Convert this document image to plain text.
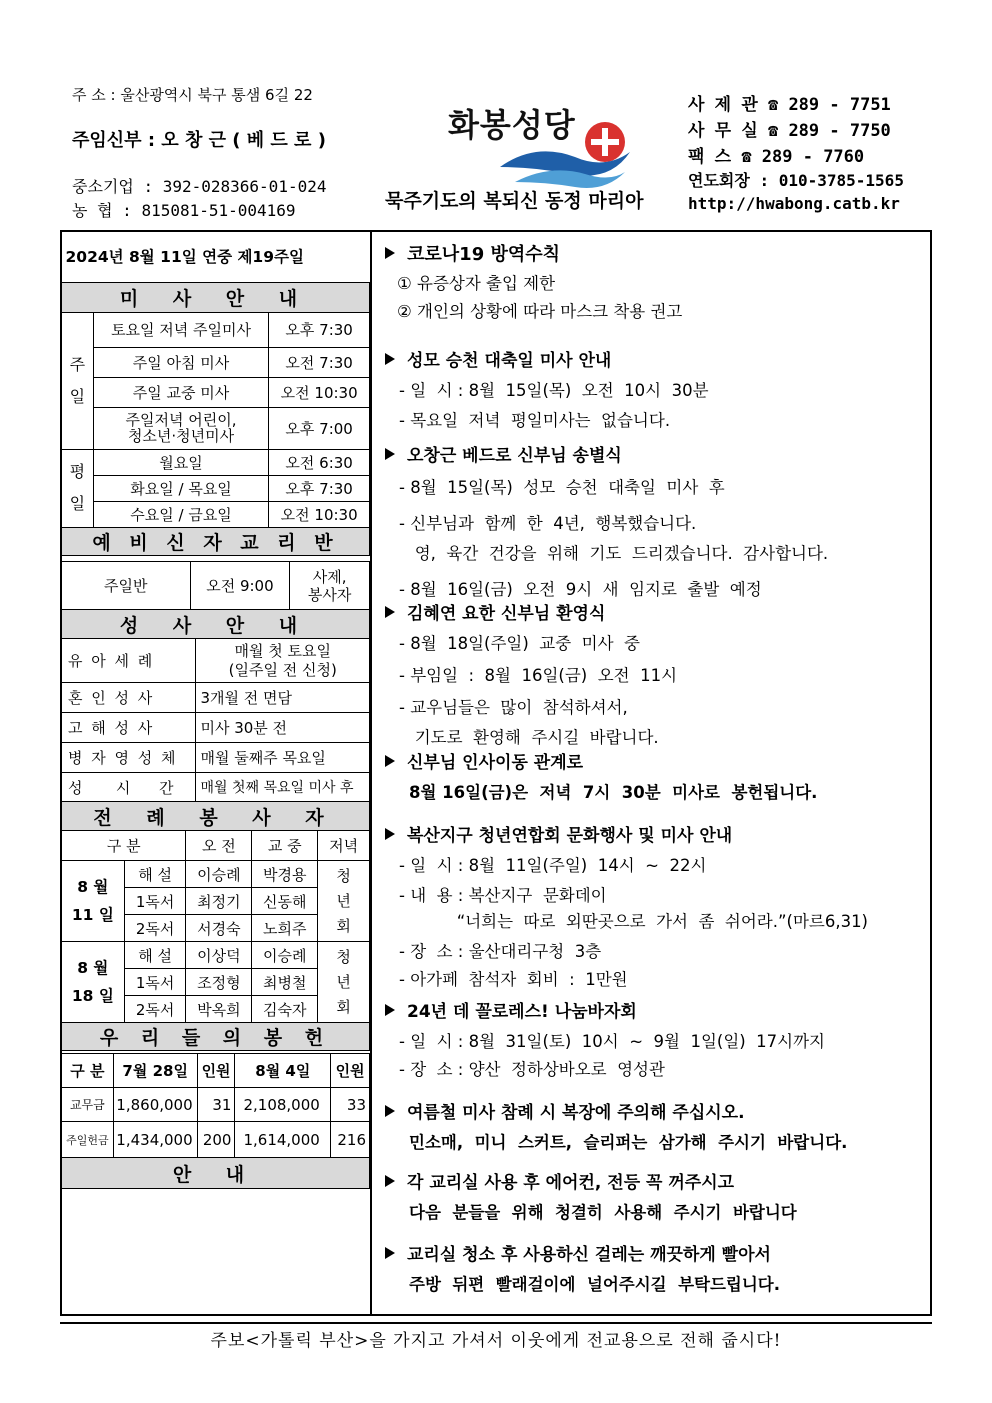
주 소 : 울산광역시 북구 통샘 6길 22
주임신부 : 오 창 근 ( 베 드 로 )
중소기업 : 392-028366-01-024
농 협 : 815081-51-004169
화봉성당
묵주기도의 복되신 동정 마리아
사 제 관 ☎ 289 - 7751
사 무 실 ☎ 289 - 7750
팩 스 ☎ 289 - 7760
연도회장 : 010-3785-1565
http://hwabong.catb.kr
2024년 8월 11일 연중 제19주일		
미 사 안 내		
주
일	토요일 저녁 주일미사	오후 7:30
	주일 아침 미사	오전 7:30
	주일 교중 미사	오전 10:30
	주일저녁 어린이,
청소년‧청년미사	오후 7:00
평
일	월요일	오전 6:30
	화요일 / 목요일	오후 7:30
	수요일 / 금요일	오전 10:30
예 비 신 자 교 리 반		
주일반	오전 9:00	사제,
봉사자
성 사 안 내
유 아 세 례	매월 첫 토요일
(일주일 전 신청)
혼 인 성 사	3개월 전 면담
고 해 성 사	미사 30분 전
병 자 영 성 체	매월 둘째주 목요일
성       시      간	매월 첫째 목요일 미사 후
전 례 봉 사 자	
구 분		오 전	교 중	저녁
8 월
11 일	해 설	이승례	박경용	청
년
회
	1독서	최정기	신동해	
	2독서	서경숙	노희주	
8 월
18 일	해 설	이상덕	이승례	청
년
회
	1독서	조정형	최병철	
	2독서	박옥희	김숙자	
우 리 들 의 봉 헌				
구 분	7월 28일	인원	8월 4일	인원
교무금	1,860,000	31	2,108,000	33
주일헌금	1,434,000	200	1,614,000	216
안 내				
코로나19 방역수칙
① 유증상자 출입 제한
② 개인의 상황에 따라 마스크 착용 권고
성모 승천 대축일 미사 안내
- 일  시 : 8월  15일(목)  오전  10시  30분
- 목요일  저녁  평일미사는  없습니다.
오창근 베드로 신부님 송별식
- 8월  15일(목)  성모  승천  대축일  미사  후
- 신부님과  함께  한  4년,  행복했습니다.
영,  육간  건강을  위해  기도  드리겠습니다.  감사합니다.
- 8월  16일(금)  오전  9시  새  임지로  출발  예정
김혜연 요한 신부님 환영식
- 8월  18일(주일)  교중  미사  중
- 부임일  :  8월  16일(금)  오전  11시
- 교우님들은  많이  참석하셔서,
기도로  환영해  주시길  바랍니다.
신부님 인사이동 관계로
8월 16일(금)은  저녁  7시  30분  미사로  봉헌됩니다.
복산지구 청년연합회 문화행사 및 미사 안내
- 일  시 : 8월  11일(주일)  14시  ~  22시
- 내  용 : 복산지구  문화데이
“너희는  따로  외딴곳으로  가서  좀  쉬어라.”(마르6,31)
- 장  소 : 울산대리구청  3층
- 아가페  참석자  회비  :  1만원
24년 데 꼴로레스! 나눔바자회
- 일  시 : 8월  31일(토)  10시  ~  9월  1일(일)  17시까지
- 장  소 : 양산  정하상바오로  영성관
여름철 미사 참례 시 복장에 주의해 주십시오.
민소매,  미니  스커트,  슬리퍼는  삼가해  주시기  바랍니다.
각 교리실 사용 후 에어컨, 전등 꼭 꺼주시고
다음  분들을  위해  청결히  사용해  주시기  바랍니다
교리실 청소 후 사용하신 걸레는 깨끗하게 빨아서
주방  뒤편  빨래걸이에  널어주시길  부탁드립니다.
주보<가톨릭 부산>을 가지고 가셔서 이웃에게 전교용으로 전해 줍시다!
